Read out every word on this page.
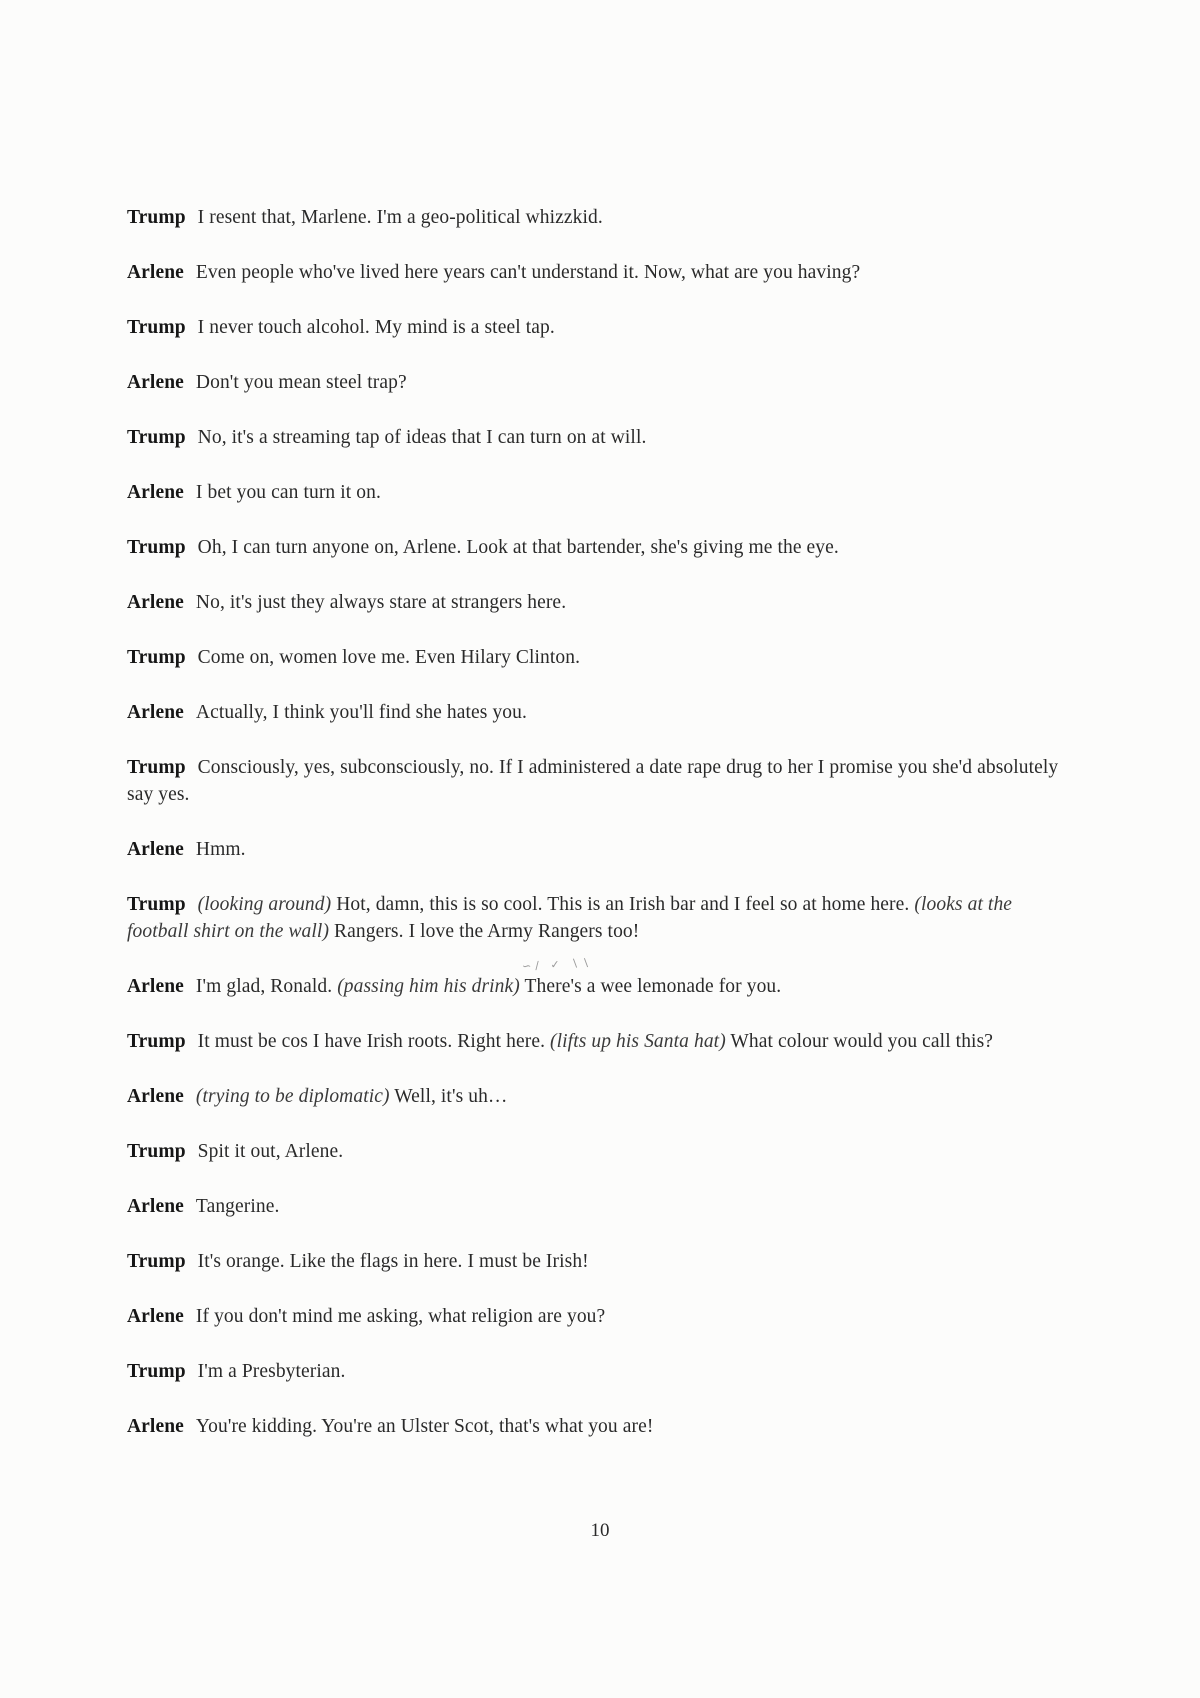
Trump I resent that, Marlene. I'm a geo-political whizzkid.
Arlene Even people who've lived here years can't understand it. Now, what are you having?
Trump I never touch alcohol. My mind is a steel tap.
Arlene Don't you mean steel trap?
Trump No, it's a streaming tap of ideas that I can turn on at will.
Arlene I bet you can turn it on.
Trump Oh, I can turn anyone on, Arlene. Look at that bartender, she's giving me the eye.
Arlene No, it's just they always stare at strangers here.
Trump Come on, women love me. Even Hilary Clinton.
Arlene Actually, I think you'll find she hates you.
Trump Consciously, yes, subconsciously, no. If I administered a date rape drug to her I promise you she'd absolutely say yes.
Arlene Hmm.
Trump (looking around) Hot, damn, this is so cool. This is an Irish bar and I feel so at home here. (looks at the football shirt on the wall) Rangers. I love the Army Rangers too!
Arlene I'm glad, Ronald. (passing him his drink) There's a wee lemonade for you.
Trump It must be cos I have Irish roots. Right here. (lifts up his Santa hat) What colour would you call this?
Arlene (trying to be diplomatic) Well, it's uh…
Trump Spit it out, Arlene.
Arlene Tangerine.
Trump It's orange. Like the flags in here. I must be Irish!
Arlene If you don't mind me asking, what religion are you?
Trump I'm a Presbyterian.
Arlene You're kidding. You're an Ulster Scot, that's what you are!
∽∕ ✓ ∖∖
10
